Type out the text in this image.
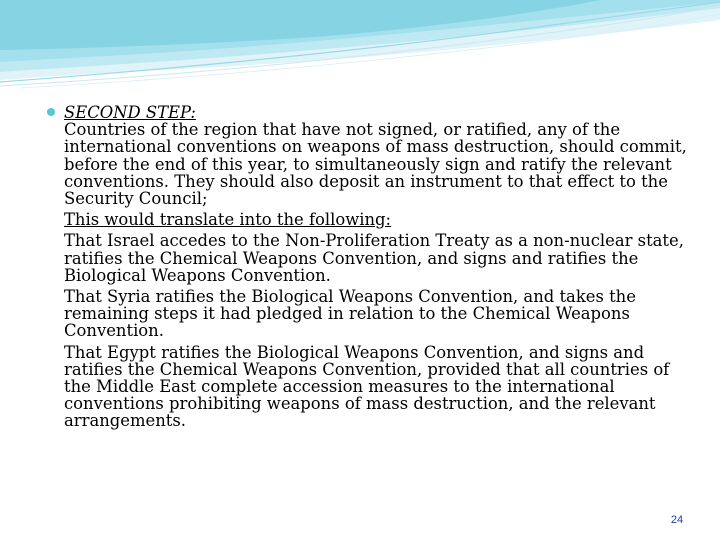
SECOND STEP:

Countries of the region that have not signed, or ratified, any of the international conventions on weapons of mass destruction, should commit, before the end of this year, to simultaneously sign and ratify the relevant conventions. They should also deposit an instrument to that effect to the Security Council;

This would translate into the following:

That Israel accedes to the Non-Proliferation Treaty as a non-nuclear state, ratifies the Chemical Weapons Convention, and signs and ratifies the Biological Weapons Convention.

That Syria ratifies the Biological Weapons Convention, and takes the remaining steps it had pledged in relation to the Chemical Weapons Convention.

That Egypt ratifies the Biological Weapons Convention, and signs and ratifies the Chemical Weapons Convention, provided that all countries of the Middle East complete accession measures to the international conventions prohibiting weapons of mass destruction, and the relevant arrangements.

24
